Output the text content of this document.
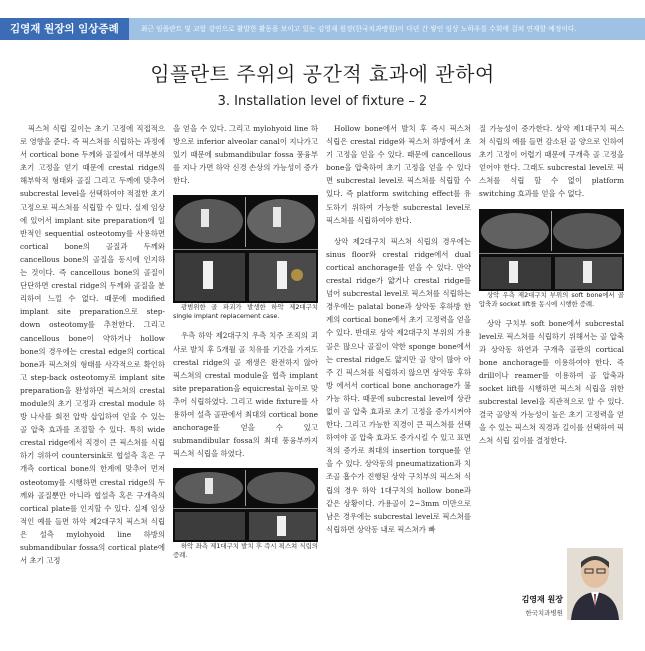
김영재 원장의 임상증례	최근 임플란트 및 교합 강연으로 활발한 활동을 보이고 있는 김영재 원장(한국치과병원)이 다년 간 쌓인 임상 노하우를 수회에 걸쳐 연재할 예정이다.
임플란트 주위의 공간적 효과에 관하여
3. Installation level of fixture – 2

픽스쳐 식립 깊이는 초기 고정에 직접적으로 영향을 준다. 즉 픽스쳐를 식립하는 과정에서 cortical bone 두께와 골질에서 대부분의 초기 고정을 얻기 때문에 crestal ridge의 해부학적 형태와 골질 그리고 두께에 맞추어 subcrestal level을 선택하여야 적절한 초기 고정으로 픽스쳐를 식립할 수 있다. 실제 임상에 있어서 implant site preparation에 일반적인 sequential osteotomy를 사용하면 cortical bone의 골질과 두께와 cancellous bone의 골질을 동시에 인지하는 것이다. 즉 cancellous bone의 골질이 단단하면 crestal ridge의 두께와 골질을 분리하여 느낄 수 없다. 때문에 modified implant site preparation으로 step-down osteotomy를 추천한다. 그리고 cancellous bone이 약하거나 hollow bone의 경우에는 crestal edge의 cortical bone과 픽스쳐의 형태를 사각적으로 확인하고 step-back osteotomy로 implant site preparation을 완성하면 픽스쳐의 crestal module의 초기 고정과 crestal module 하방 나사를 회전 압박 삽입하여 얻을 수 있는 골 압축 효과를 조절할 수 있다. 특히 wide crestal ridge에서 직경이 큰 픽스쳐를 식립하기 위하여 countersink로 협설측 혹은 구개측 cortical bone의 한계에 맞추어 먼저 osteotomy를 시행하면 crestal ridge의 두께와 골질뿐만 아니라 협설측 혹은 구개측의 cortical plate를 인지할 수 있다. 실제 임상적인 예를 들면 하악 제2대구치 픽스쳐 식립은 설측 mylohyoid line 하방의 submandibular fossa의 cortical plate에서 초기 고정

을 얻을 수 있다. 그리고 mylohyoid line 하방으로 inferior alveolar canal이 지나가고 있기 때문에 submandibular fossa 풍융부를 지나 가면 하악 신경 손상의 가능성이 증가한다.

광범위한 골 파괴가 발생한 하악 제2대구치 single implant replacement case.

우측 하악 제2대구치 우측 치주 조직의 괴사로 발치 후 5개월 골 치유를 기간을 가져도 crestal ridge의 골 재생은 완전하지 않아 픽스쳐의 crestal module을 협측 implant site preparation을 equicrestal 높이로 맞추어 식립하였다. 그리고 wide fixture를 사용하여 설측 골판에서 최대의 cortical bone anchorage를 얻을 수 있고 submandibular fossa의 최대 풍융부까지 픽스쳐 식립을 하였다.

하악 좌측 제1대구치 발치 후 즉시 픽스쳐 식립의 증례.

Hollow bone에서 발치 후 즉시 픽스쳐 식립은 crestal ridge와 픽스쳐 하방에서 초기 고정을 얻을 수 있다. 때문에 cancellous bone을 압축하여 초기 고정을 얻을 수 있다면 subcrestal level로 픽스쳐를 식립할 수 있다. 즉 platform switching effect를 유도하기 위하여 가능한 subcrestal level로 픽스쳐를 식립하여야 한다.

상악 제2대구치 픽스쳐 식립의 경우에는 sinus floor와 crestal ridge에서 dual cortical anchorage를 얻을 수 있다. 만약 crestal ridge가 얇거나 crestal ridge를 넘어 subcrestal level로 픽스쳐를 식립하는 경우에는 palatal bone과 상악동 후하방 한계의 cortical bone에서 초기 고정력을 얻을 수 있다. 반대로 상악 제2대구치 부위의 가용골은 많으나 골질이 약한 sponge bone에서는 crestal ridge도 얇지만 골 양이 많아 아주 긴 픽스쳐를 식립하지 않으면 상악동 후하방 에서서 cortical bone anchorage가 불가능 하다. 때문에 subcrestal level에 상관 없이 골 압축 효과로 초기 고정을 증가시켜야 한다. 그리고 가능한 직경이 큰 픽스쳐를 선택하여야 골 압축 효과도 증가시킬 수 있고 표면적의 증가로 최대의 insertion torque를 얻을 수 있다. 상악동의 pneumatization과 치조골 흡수가 진행된 상악 구치부의 픽스쳐 식립의 경우 하악 1대구치의 hollow bone과 같은 상황이다. 가용골이 2~3mm 미만으로 남은 경우에는 subcrestal level로 픽스쳐를 식립하면 상악동 내로 픽스쳐가 빠

질 가능성이 증가한다. 상악 제1대구치 픽스쳐 식립의 예를 들면 감소된 골 양으로 인하여 초기 고정이 어렵기 때문에 구개측 골 고정을 얻어야 한다. 그래도 subcrestal level로 픽스쳐를 식립 할 수 없이 platform switching 효과를 얻을 수 없다.

상악 우측 제2대구치 부위의 soft bone에서 골 압축과 socket lift를 동시에 시행한 증례.

상악 구치부 soft bone에서 subcrestal level로 픽스쳐를 식립하기 위해서는 골 압축과 상악동 하연과 구개측 골판의 cortical bone anchorage를 이용하여야 한다. 즉 drill이나 reamer를 이용하여 골 압축과 socket lift를 시행하면 픽스쳐 식립을 위한 subcrestal level을 직관적으로 알 수 있다. 결국 골양적 가능성이 높은 초기 고정력을 얻을 수 있는 픽스쳐 직경과 길이를 선택하여 픽스쳐 식립 깊이를 결정한다.

김영재 원장
한국치과병원
